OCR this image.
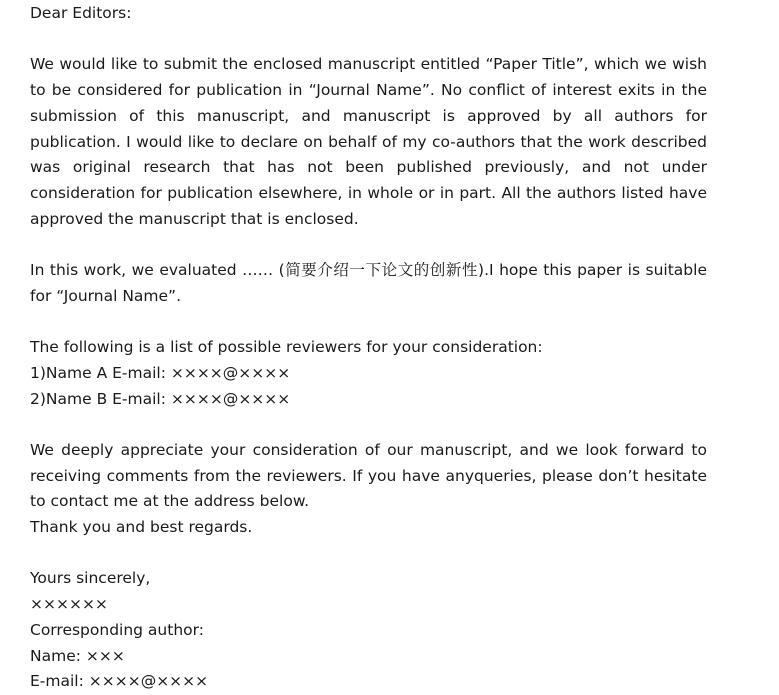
Dear Editors:

We would like to submit the enclosed manuscript entitled “Paper Title”, which we wish to be considered for publication in “Journal Name”. No conflict of interest exits in the submission of this manuscript, and manuscript is approved by all authors for publication. I would like to declare on behalf of my co-authors that the work described was original research that has not been published previously, and not under consideration for publication elsewhere, in whole or in part. All the authors listed have approved the manuscript that is enclosed.

In this work, we evaluated …… (简要介绍一下论文的创新性).I hope this paper is suitable for “Journal Name”.

The following is a list of possible reviewers for your consideration:

1)Name A E-mail: ××××@××××

2)Name B E-mail: ××××@××××

We deeply appreciate your consideration of our manuscript, and we look forward to receiving comments from the reviewers. If you have anyqueries, please don’t hesitate to contact me at the address below.

Thank you and best regards.

Yours sincerely,

××××××

Corresponding author:

Name: ×××

E-mail: ××××@××××
